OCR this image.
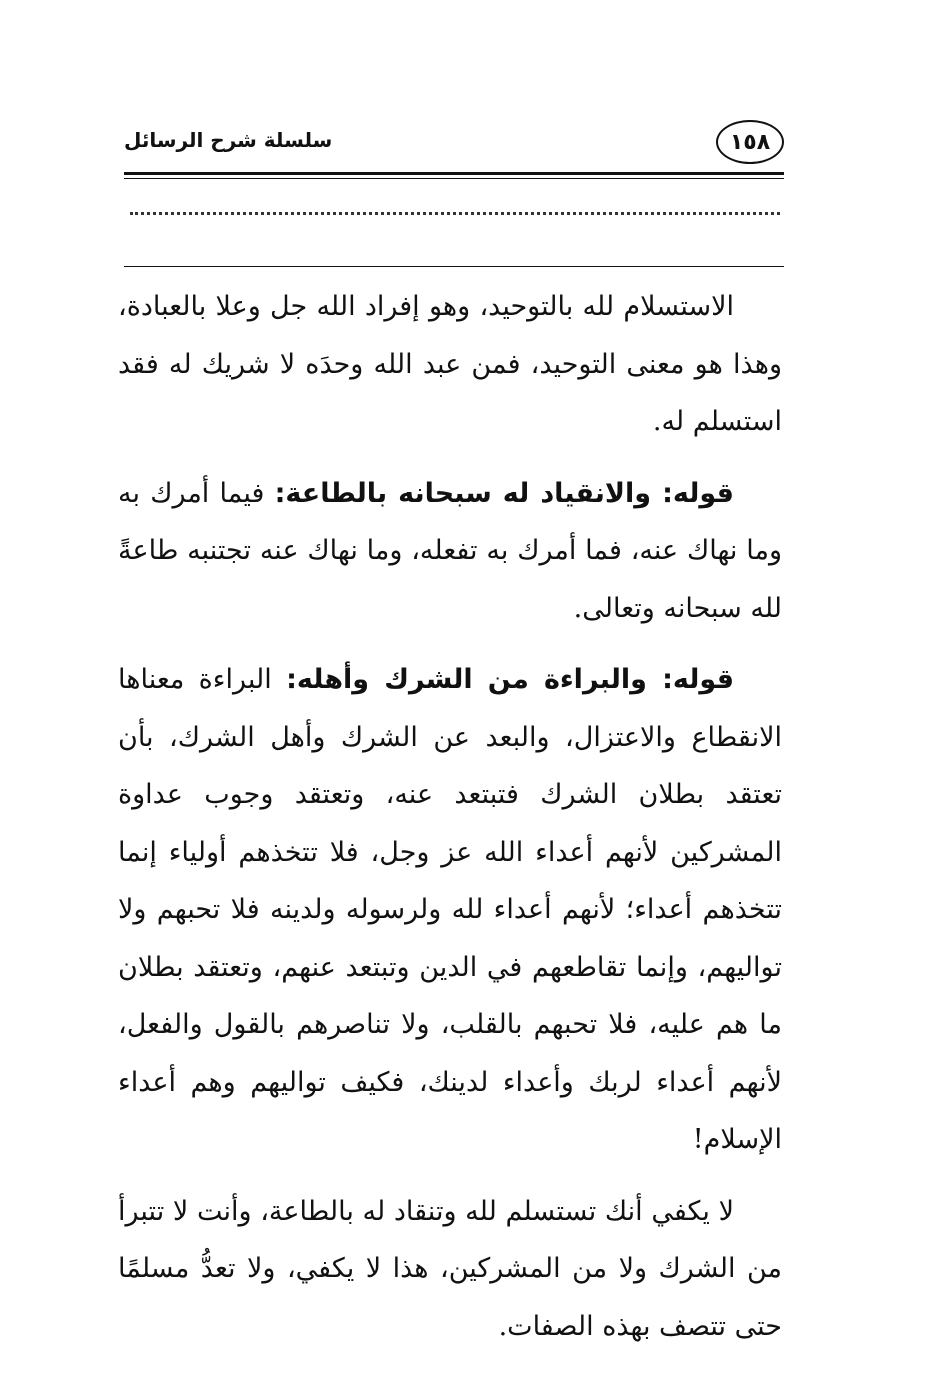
١٥٨
سلسلة شرح الرسائل

الاستسلام لله بالتوحيد، وهو إفراد الله جل وعلا بالعبادة، وهذا هو معنى التوحيد، فمن عبد الله وحدَه لا شريك له فقد استسلم له.

قوله: والانقياد له سبحانه بالطاعة: فيما أمرك به وما نهاك عنه، فما أمرك به تفعله، وما نهاك عنه تجتنبه طاعةً لله سبحانه وتعالى.

قوله: والبراءة من الشرك وأهله: البراءة معناها الانقطاع والاعتزال، والبعد عن الشرك وأهل الشرك، بأن تعتقد بطلان الشرك فتبتعد عنه، وتعتقد وجوب عداوة المشركين لأنهم أعداء الله عز وجل، فلا تتخذهم أولياء إنما تتخذهم أعداء؛ لأنهم أعداء لله ولرسوله ولدينه فلا تحبهم ولا تواليهم، وإنما تقاطعهم في الدين وتبتعد عنهم، وتعتقد بطلان ما هم عليه، فلا تحبهم بالقلب، ولا تناصرهم بالقول والفعل، لأنهم أعداء لربك وأعداء لدينك، فكيف تواليهم وهم أعداء الإسلام!

لا يكفي أنك تستسلم لله وتنقاد له بالطاعة، وأنت لا تتبرأ من الشرك ولا من المشركين، هذا لا يكفي، ولا تعدُّ مسلمًا حتى تتصف بهذه الصفات.
